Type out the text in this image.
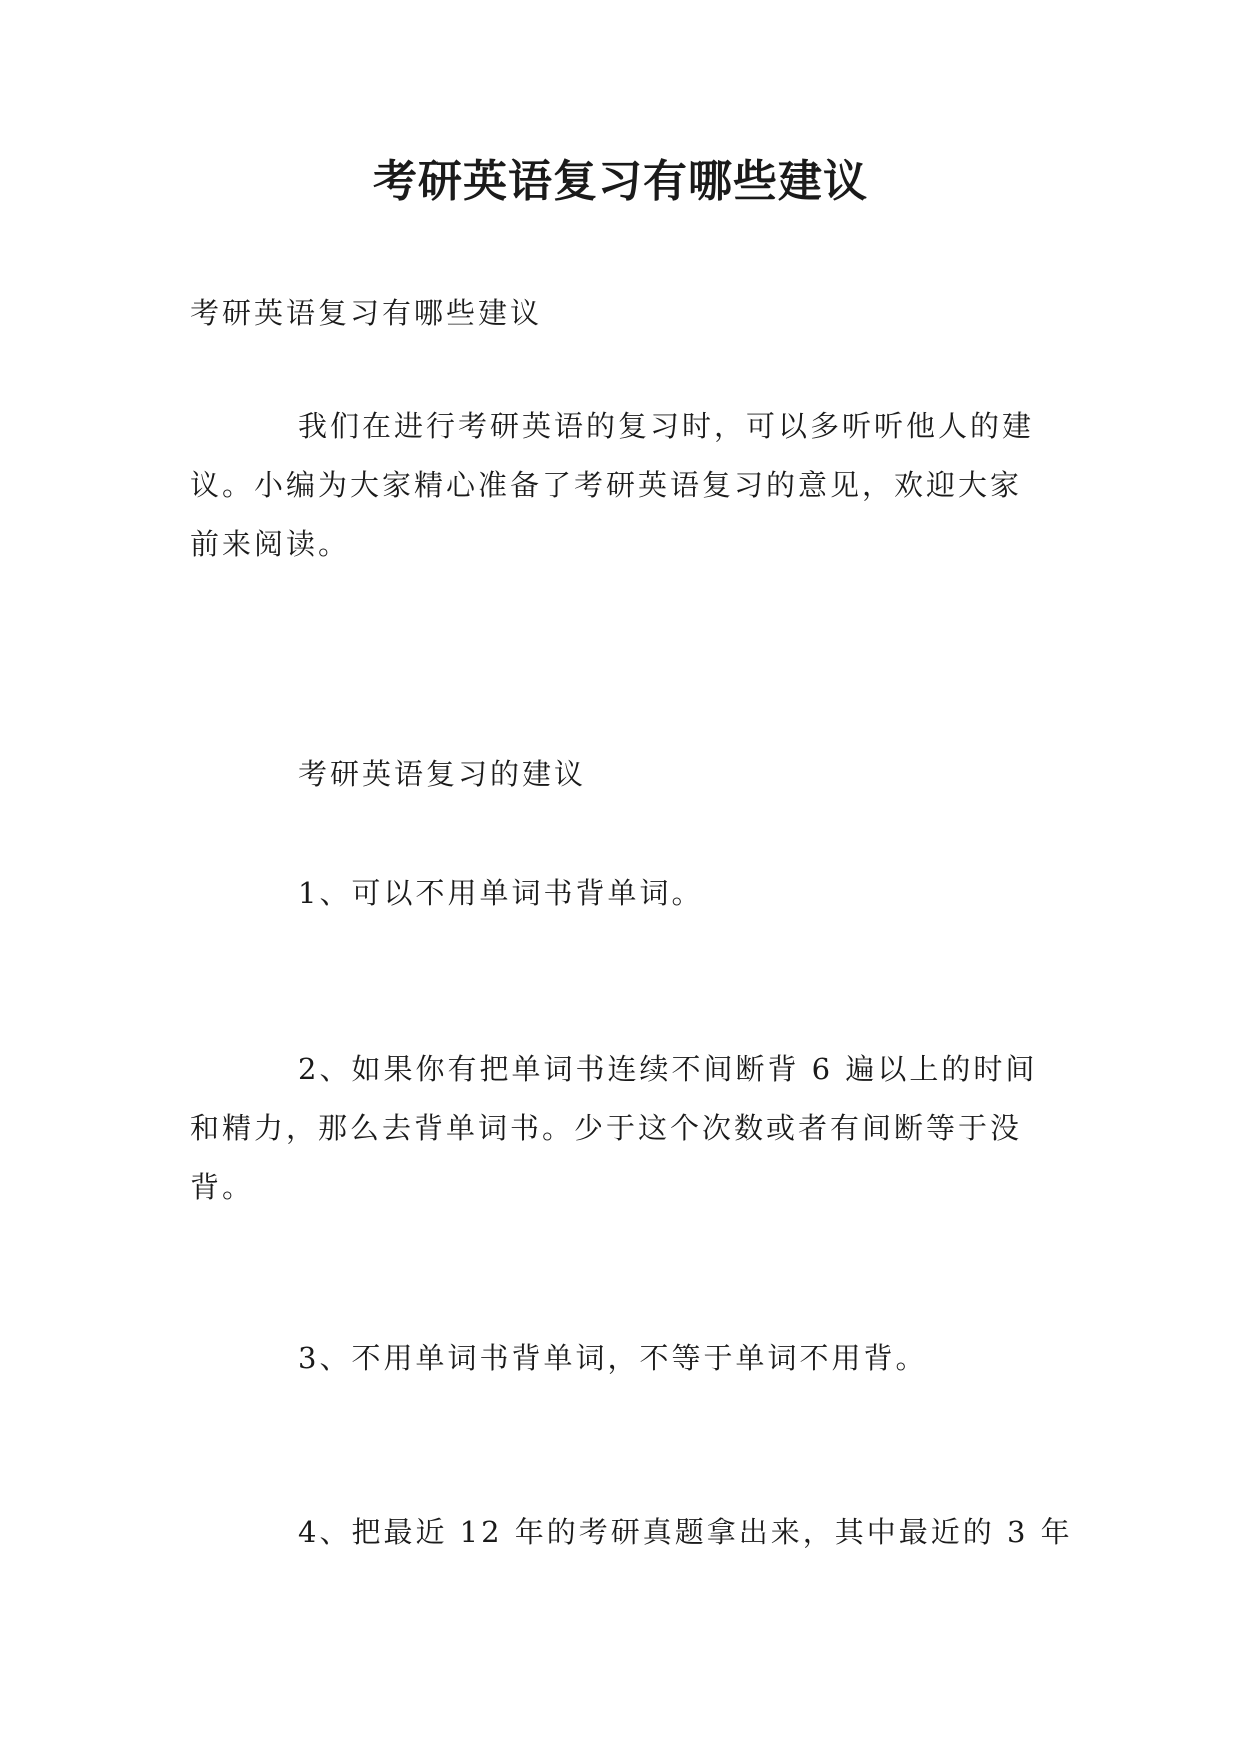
考研英语复习有哪些建议

考研英语复习有哪些建议

我们在进行考研英语的复习时，可以多听听他人的建
议。小编为大家精心准备了考研英语复习的意见，欢迎大家
前来阅读。

考研英语复习的建议

1、可以不用单词书背单词。

2、如果你有把单词书连续不间断背 6 遍以上的时间
和精力，那么去背单词书。少于这个次数或者有间断等于没
背。

3、不用单词书背单词，不等于单词不用背。

4、把最近 12 年的考研真题拿出来，其中最近的 3 年
